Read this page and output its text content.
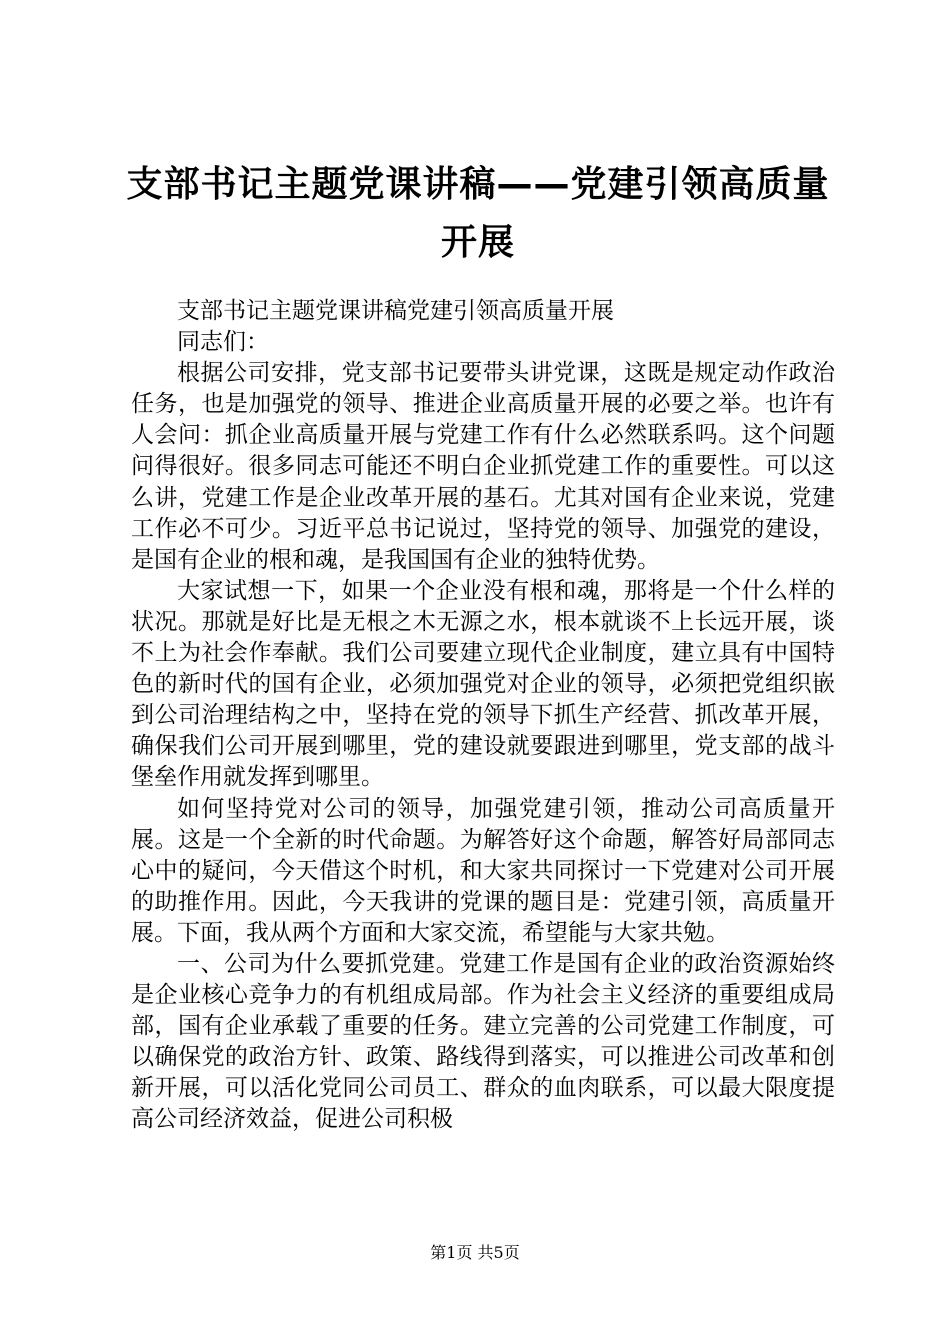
支部书记主题党课讲稿——党建引领高质量开展

支部书记主题党课讲稿党建引领高质量开展

同志们：

根据公司安排，党支部书记要带头讲党课，这既是规定动作政治任务，也是加强党的领导、推进企业高质量开展的必要之举。也许有人会问：抓企业高质量开展与党建工作有什么必然联系吗。这个问题问得很好。很多同志可能还不明白企业抓党建工作的重要性。可以这么讲，党建工作是企业改革开展的基石。尤其对国有企业来说，党建工作必不可少。习近平总书记说过，坚持党的领导、加强党的建设，是国有企业的根和魂，是我国国有企业的独特优势。

大家试想一下，如果一个企业没有根和魂，那将是一个什么样的状况。那就是好比是无根之木无源之水，根本就谈不上长远开展，谈不上为社会作奉献。我们公司要建立现代企业制度，建立具有中国特色的新时代的国有企业，必须加强党对企业的领导，必须把党组织嵌到公司治理结构之中，坚持在党的领导下抓生产经营、抓改革开展，确保我们公司开展到哪里，党的建设就要跟进到哪里，党支部的战斗堡垒作用就发挥到哪里。

如何坚持党对公司的领导，加强党建引领，推动公司高质量开展。这是一个全新的时代命题。为解答好这个命题，解答好局部同志心中的疑问，今天借这个时机，和大家共同探讨一下党建对公司开展的助推作用。因此，今天我讲的党课的题目是：党建引领，高质量开展。下面，我从两个方面和大家交流，希望能与大家共勉。

一、公司为什么要抓党建。党建工作是国有企业的政治资源始终是企业核心竞争力的有机组成局部。作为社会主义经济的重要组成局部，国有企业承载了重要的任务。建立完善的公司党建工作制度，可以确保党的政治方针、政策、路线得到落实，可以推进公司改革和创新开展，可以活化党同公司员工、群众的血肉联系，可以最大限度提高公司经济效益，促进公司积极

第1页 共5页
